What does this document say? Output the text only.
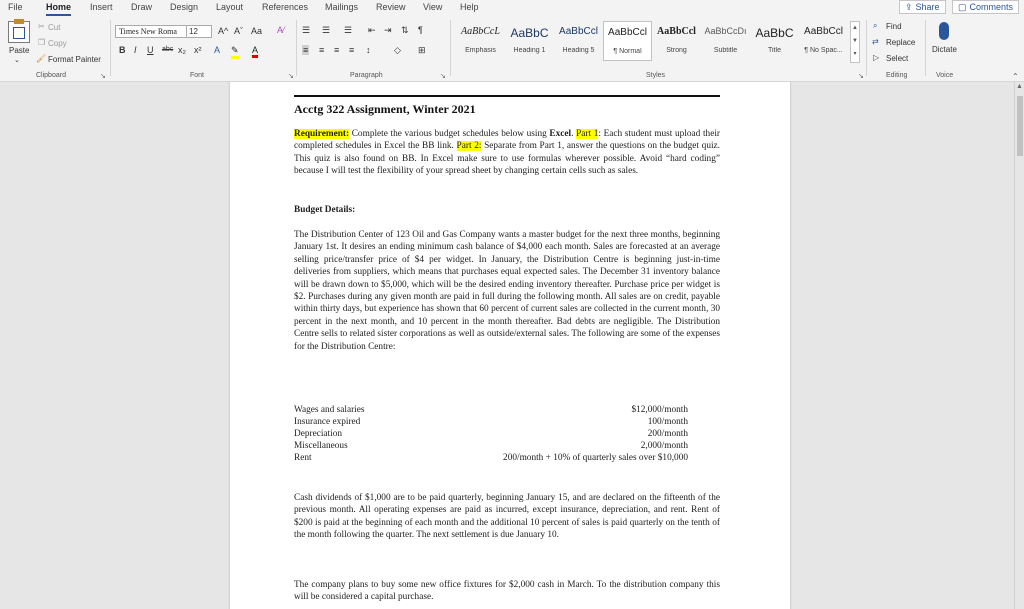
File	Home Insert Draw Design Layout References Mailings Review View Help	⇪ Share ▢ Comments
Paste
⌄
✂ Cut
❐ Copy
🖌 Format Painter
Clipboard	↘
Times New Roma	12	A^ Aˇ Aa A⁄
B I U abc x₂ x² A ✎ A
Font	↘
☰ ☰ ☰ ⇤ ⇥ ⇅ ¶
≡ ≡ ≡ ≡ ↕	◇ ⊞
Paragraph	↘
AaBbCcL
Emphasis
AaBbC
Heading 1
AaBbCcl
Heading 5
AaBbCcl
¶ Normal
AaBbCcl
Strong
AaBbCcDı
Subtitle
AaBbC
Title
AaBbCcl
¶ No Spac...
▲
▼
▾
Styles	↘
⌕ Find
⇄ Replace
▷ Select
Editing
Dictate
Voice	⌃
Acctg 322 Assignment, Winter 2021
Requirement: Complete the various budget schedules below using Excel. Part 1: Each student must upload their completed schedules in Excel the BB link. Part 2: Separate from Part 1, answer the questions on the budget quiz. This quiz is also found on BB. In Excel make sure to use formulas wherever possible. Avoid “hard coding” because I will test the flexibility of your spread sheet by changing certain cells such as sales.
Budget Details:
The Distribution Center of 123 Oil and Gas Company wants a master budget for the next three months, beginning January 1st. It desires an ending minimum cash balance of $4,000 each month. Sales are forecasted at an average selling price/transfer price of $4 per widget. In January, the Distribution Centre is beginning just-in-time deliveries from suppliers, which means that purchases equal expected sales. The December 31 inventory balance will be drawn down to $5,000, which will be the desired ending inventory thereafter. Purchase price per widget is $2. Purchases during any given month are paid in full during the following month. All sales are on credit, payable within thirty days, but experience has shown that 60 percent of current sales are collected in the current month, 30 percent in the next month, and 10 percent in the month thereafter. Bad debts are negligible. The Distribution Centre sells to related sister corporations as well as outside/external sales. The following are some of the expenses for the Distribution Centre:
Wages and salaries	$12,000/month
Insurance expired	100/month
Depreciation	200/month
Miscellaneous	2,000/month
Rent	200/month + 10% of quarterly sales over $10,000
Cash dividends of $1,000 are to be paid quarterly, beginning January 15, and are declared on the fifteenth of the previous month. All operating expenses are paid as incurred, except insurance, depreciation, and rent. Rent of $200 is paid at the beginning of each month and the additional 10 percent of sales is paid quarterly on the tenth of the month following the quarter. The next settlement is due January 10.
The company plans to buy some new office fixtures for $2,000 cash in March. To the distribution company this will be considered a capital purchase.
▲
